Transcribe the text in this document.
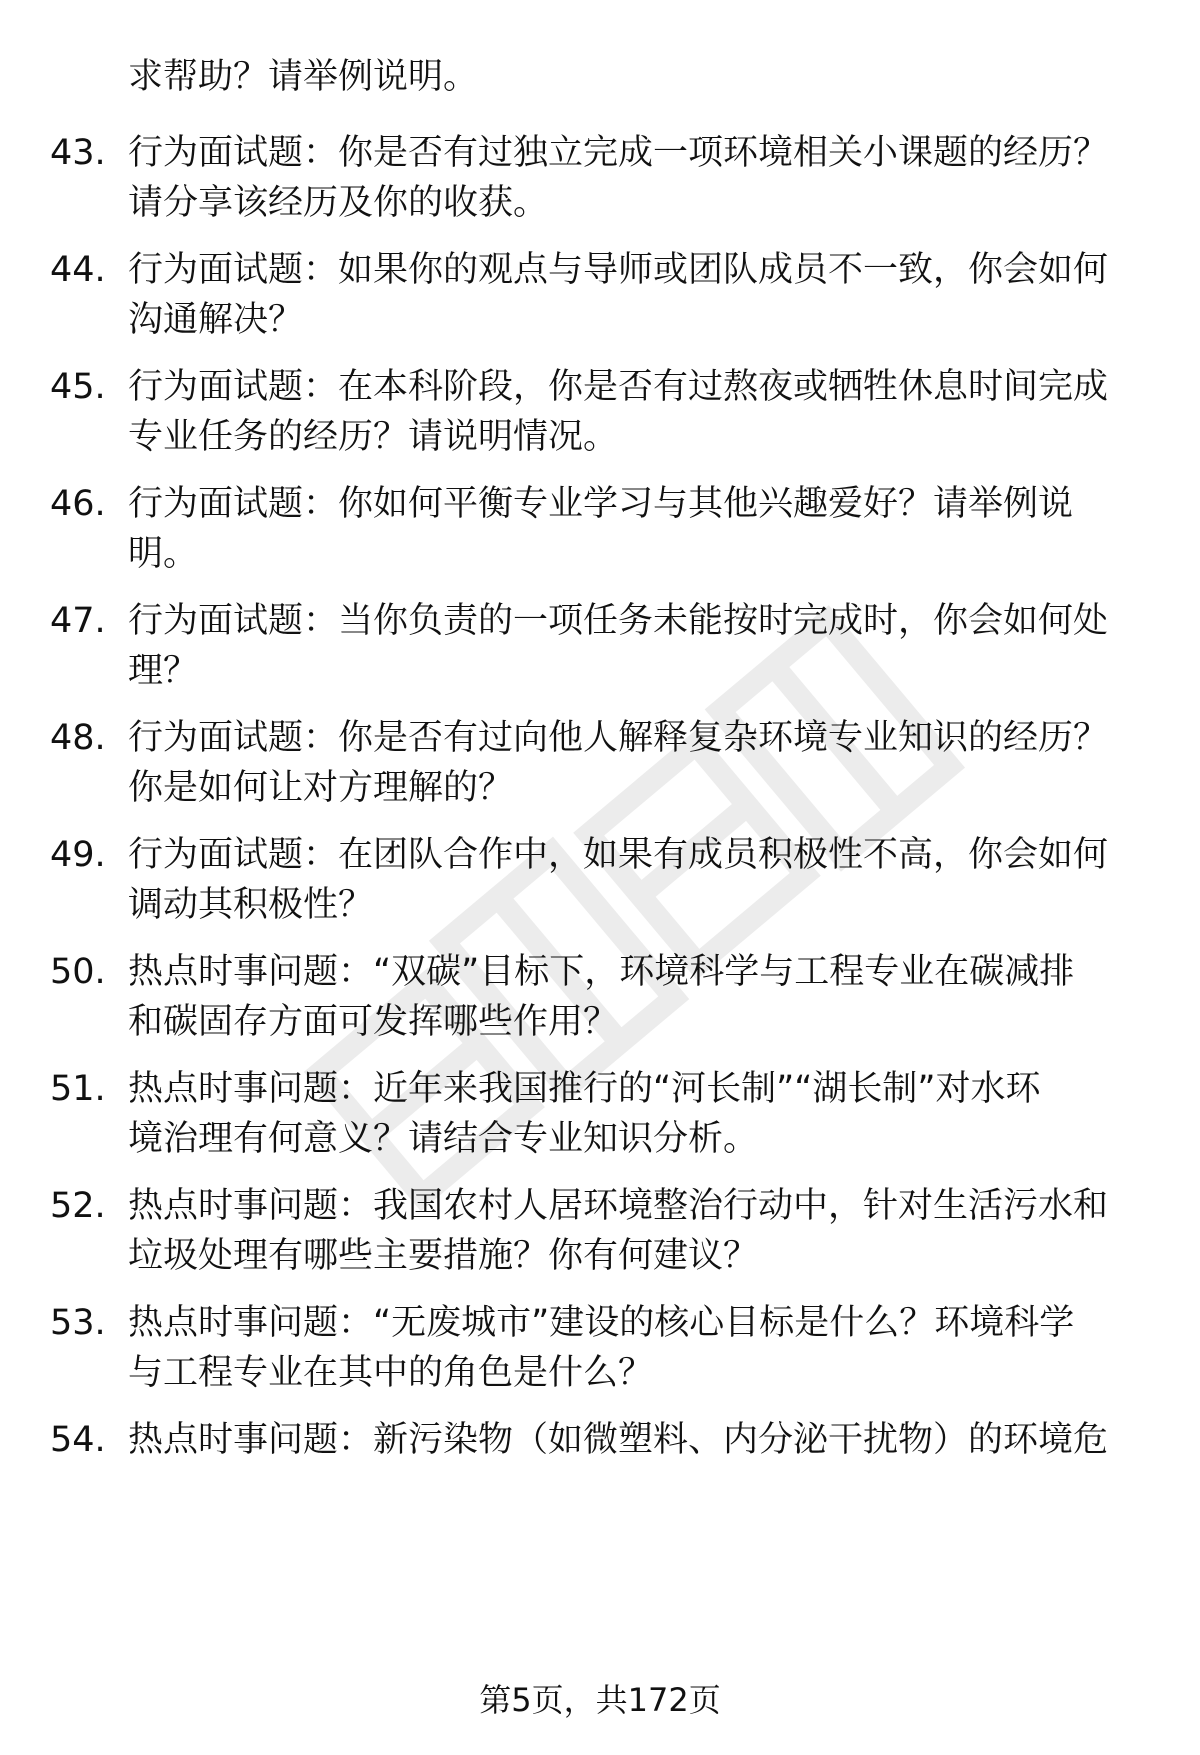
求帮助？请举例说明。
43. 行为面试题：你是否有过独立完成一项环境相关小课题的经历？
请分享该经历及你的收获。
44. 行为面试题：如果你的观点与导师或团队成员不一致，你会如何
沟通解决？
45. 行为面试题：在本科阶段，你是否有过熬夜或牺牲休息时间完成
专业任务的经历？请说明情况。
46. 行为面试题：你如何平衡专业学习与其他兴趣爱好？请举例说
明。
47. 行为面试题：当你负责的一项任务未能按时完成时，你会如何处
理？
48. 行为面试题：你是否有过向他人解释复杂环境专业知识的经历？
你是如何让对方理解的？
49. 行为面试题：在团队合作中，如果有成员积极性不高，你会如何
调动其积极性？
50. 热点时事问题：“双碳”目标下，环境科学与工程专业在碳减排
和碳固存方面可发挥哪些作用？
51. 热点时事问题：近年来我国推行的“河长制”“湖长制”对水环
境治理有何意义？请结合专业知识分析。
52. 热点时事问题：我国农村人居环境整治行动中，针对生活污水和
垃圾处理有哪些主要措施？你有何建议？
53. 热点时事问题：“无废城市”建设的核心目标是什么？环境科学
与工程专业在其中的角色是什么？
54. 热点时事问题：新污染物（如微塑料、内分泌干扰物）的环境危
第5页，共172页
